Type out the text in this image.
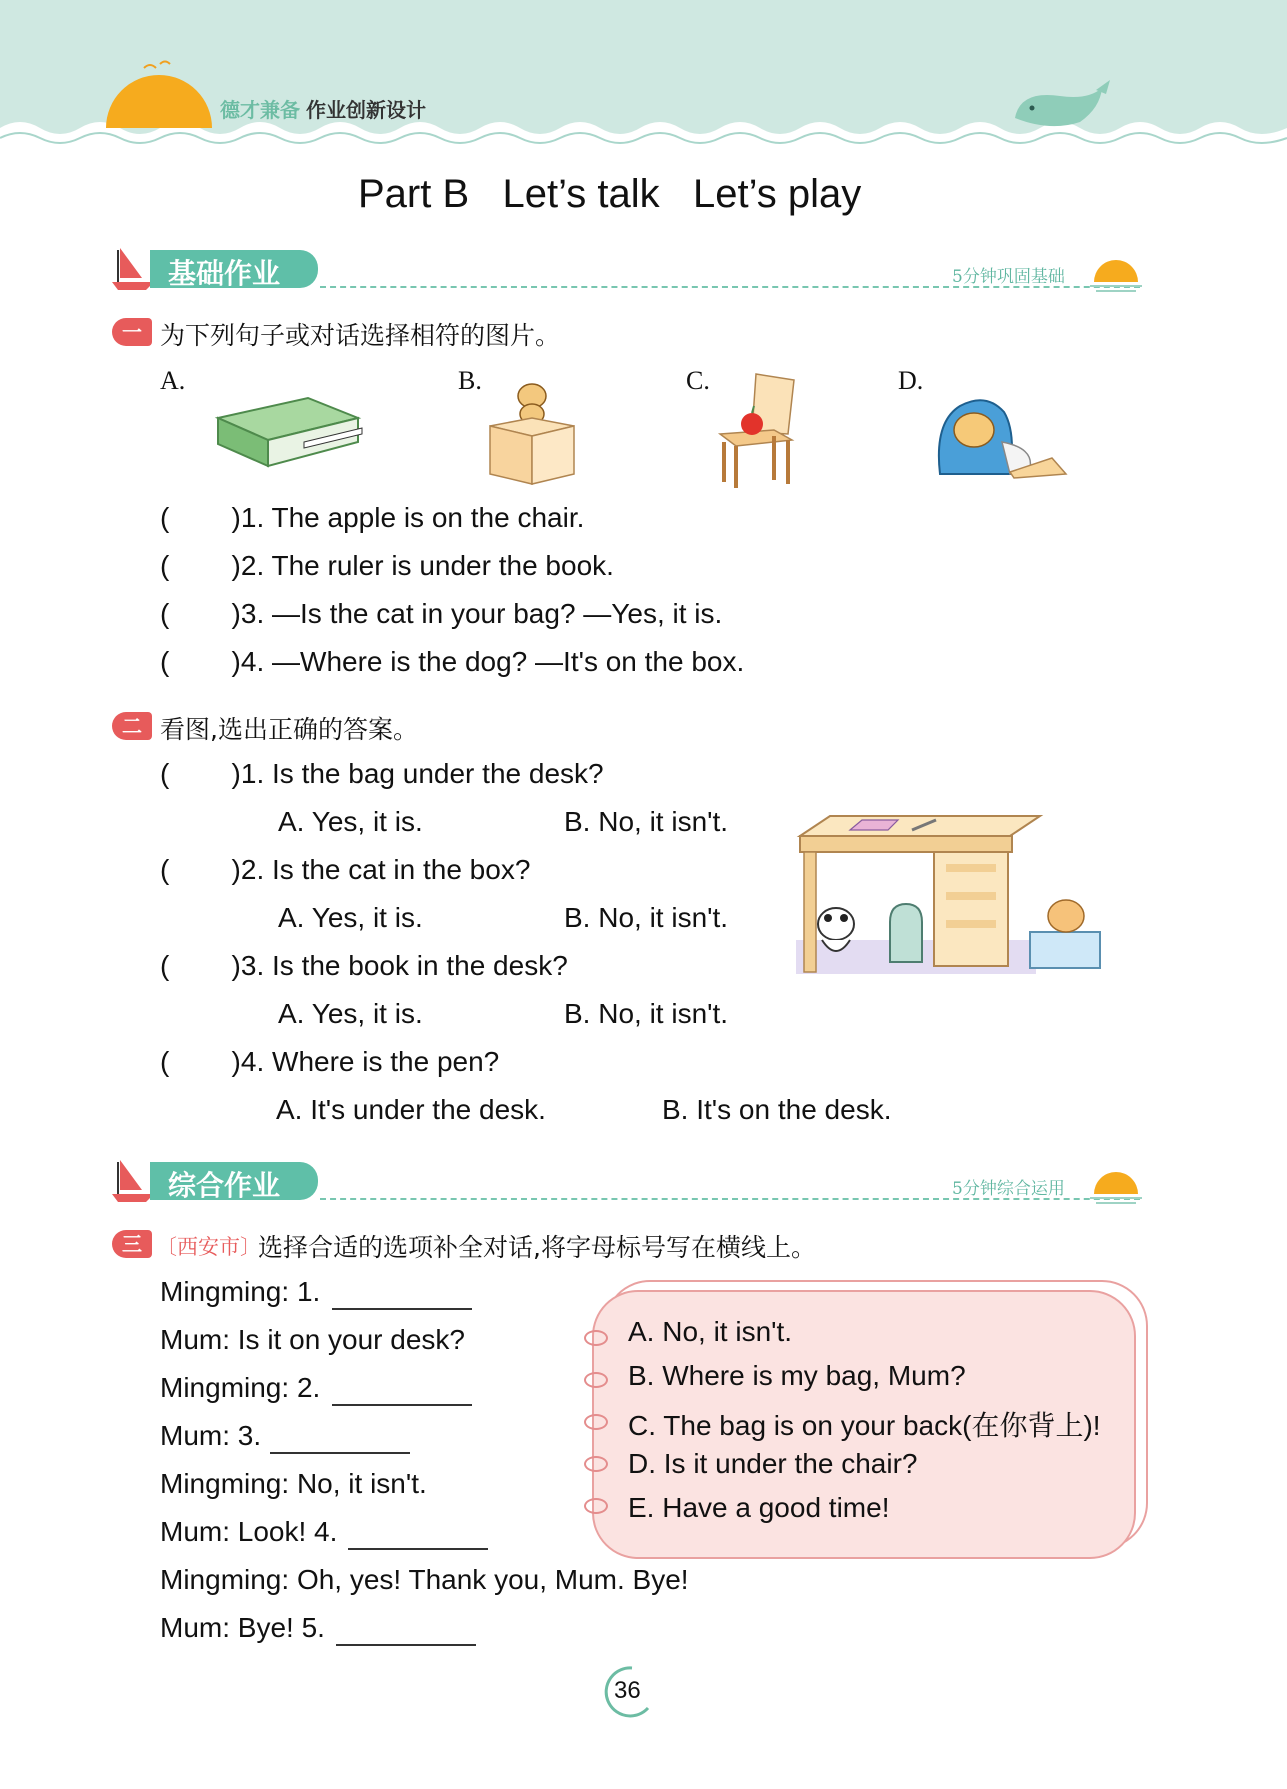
德才兼备 作业创新设计
Part B   Let’s talk   Let’s play
基础作业	5分钟巩固基础
一 为下列句子或对话选择相符的图片。
A.	B.	C.	D.
(        )1. The apple is on the chair.
(        )2. The ruler is under the book.
(        )3. —Is the cat in your bag? —Yes, it is.
(        )4. —Where is the dog? —It's on the box.
二 看图,选出正确的答案。
(        )1. Is the bag under the desk?
A. Yes, it is.	B. No, it isn't.
(        )2. Is the cat in the box?
A. Yes, it is.	B. No, it isn't.
(        )3. Is the book in the desk?
A. Yes, it is.	B. No, it isn't.
(        )4. Where is the pen?
A. It's under the desk.	B. It's on the desk.
综合作业	5分钟综合运用
三 〔西安市〕
选择合适的选项补全对话,将字母标号写在横线上。
Mingming: 1.
Mum: Is it on your desk?
Mingming: 2.
Mum: 3.
Mingming: No, it isn't.
Mum: Look! 4.
Mingming: Oh, yes! Thank you, Mum. Bye!
Mum: Bye! 5.
A. No, it isn't.
B. Where is my bag, Mum?
C. The bag is on your back(在你背上)!
D. Is it under the chair?
E. Have a good time!
36
